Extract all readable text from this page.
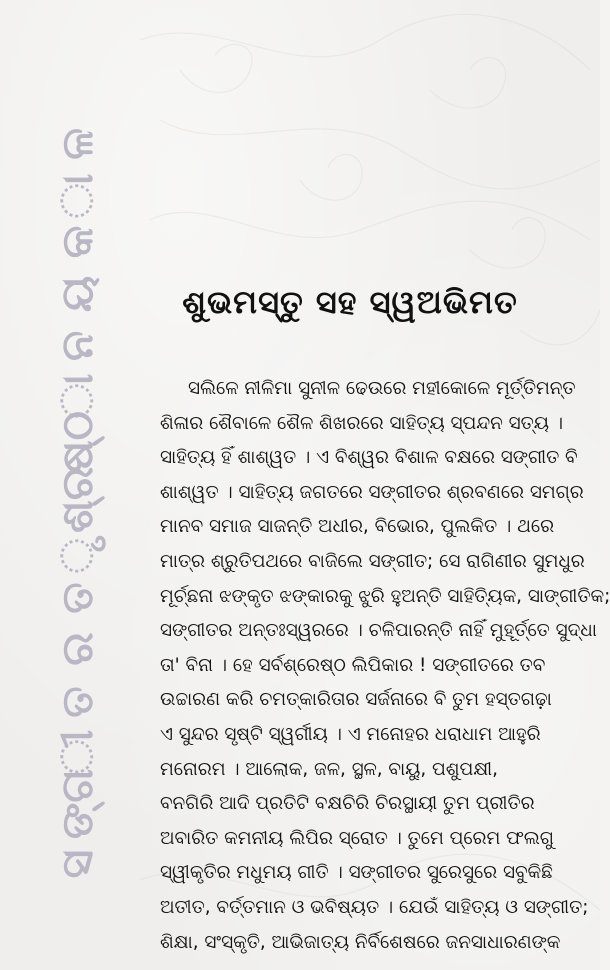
ସ
ଙ୍ଗ
ୀ
ତ
ର
ତ
ୃ
ଶ୍ର
ଷ୍ଠ
ା
ନ
ୟ
କ
ା
ଳ
ଶୁଭମସ୍ତୁ ସହ ସ୍ୱଅଭିମତ
ସଲିଳେ ନୀଳିମା ସୁନୀଳ ଢେଉରେ ମହୀକୋଳେ ମୂର୍ତ୍ତିମନ୍ତ
ଶିଳାର ଶୈବାଳେ ଶୈଳ ଶିଖରରେ ସାହିତ୍ୟ ସ୍ପନ୍ଦନ ସତ୍ୟ ।
ସାହିତ୍ୟ ହିଁ ଶାଶ୍ୱତ । ଏ ବିଶ୍ୱର ବିଶାଳ ବକ୍ଷରେ ସଙ୍ଗୀତ ବି
ଶାଶ୍ୱତ । ସାହିତ୍ୟ ଜଗତରେ ସଙ୍ଗୀତର ଶ୍ରବଣରେ ସମଗ୍ର
ମାନବ ସମାଜ ସାଜନ୍ତି ଅଧୀର, ବିଭୋର, ପୁଲକିତ । ଥରେ
ମାତ୍ର ଶ୍ରୁତିପଥରେ ବାଜିଲେ ସଙ୍ଗୀତ; ସେ ରାଗିଣୀର ସୁମଧୁର
ମୂର୍ଚ୍ଛନା ଝଙ୍କୃତ ଝଙ୍କାରକୁ ଝୁରି ହୁଅନ୍ତି ସାହିତ୍ୟିକ, ସାଙ୍ଗୀତିକ;
ସଙ୍ଗୀତର ଅନ୍ତଃସ୍ୱରରେ । ଚଳିପାରନ୍ତି ନାହିଁ ମୁହୂର୍ତ୍ତେ ସୁଦ୍ଧା
ତା' ବିନା । ହେ ସର୍ବଶ୍ରେଷ୍ଠ ଲିପିକାର ! ସଙ୍ଗୀତରେ ତବ
ଉଚ୍ଚାରଣ କରି ଚମତ୍କାରିତାର ସର୍ଜନାରେ ବି ତୁମ ହସ୍ତଗଢ଼ା
ଏ ସୁନ୍ଦର ସୃଷ୍ଟି ସ୍ୱର୍ଗୀୟ । ଏ ମନୋହର ଧରାଧାମ ଆହୁରି
ମନୋରମ । ଆଲୋକ, ଜଳ, ସ୍ଥଳ, ବାୟୁ, ପଶୁପକ୍ଷୀ,
ବନଗିରି ଆଦି ପ୍ରତିଟି ବକ୍ଷଚିରି ଚିରସ୍ଥାୟୀ ତୁମ ପ୍ରୀତିର
ଅବାରିତ କମନୀୟ ଲିପିର ସ୍ରୋତ । ତୁମେ ପ୍ରେମ ଫଲଗୁ
ସ୍ୱୀକୃତିର ମଧୁମୟ ଗୀତି । ସଙ୍ଗୀତର ସୁରେସୁରେ ସବୁକିଛି
ଅତୀତ, ବର୍ତ୍ତମାନ ଓ ଭବିଷ୍ୟତ । ଯେଉଁ ସାହିତ୍ୟ ଓ ସଙ୍ଗୀତ;
ଶିକ୍ଷା, ସଂସ୍କୃତି, ଆଭିଜାତ୍ୟ ନିର୍ବିଶେଷରେ ଜନସାଧାରଣଙ୍କ
